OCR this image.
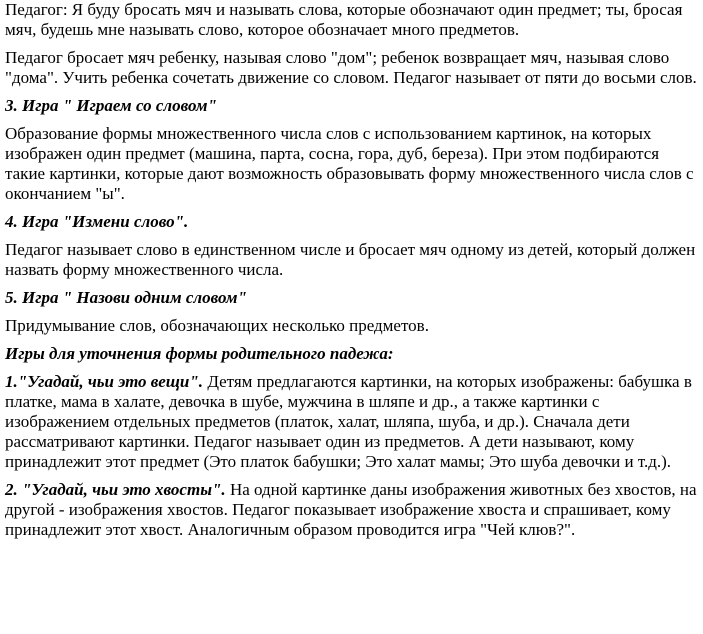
Педагог: Я буду бросать мяч и называть слова, которые обозначают один предмет; ты, бросая мяч, будешь мне называть слово, которое обозначает много предметов.

Педагог бросает мяч ребенку, называя слово "дом"; ребенок возвращает мяч, называя слово "дома". Учить ребенка сочетать движение со словом. Педагог называет от пяти до восьми слов.

3. Игра " Играем со словом"

Образование формы множественного числа слов с использованием картинок, на которых изображен один предмет (машина, парта, сосна, гора, дуб, береза). При этом подбираются такие картинки, которые дают возможность образовывать форму множественного числа слов с окончанием "ы".

4. Игра "Измени слово".

Педагог называет слово в единственном числе и бросает мяч одному из детей, который должен назвать форму множественного числа.

5. Игра " Назови одним словом"

Придумывание слов, обозначающих несколько предметов.

Игры для уточнения формы родительного падежа:

1."Угадай, чьи это вещи". Детям предлагаются картинки, на которых изображены: бабушка в платке, мама в халате, девочка в шубе, мужчина в шляпе и др., а также картинки с изображением отдельных предметов (платок, халат, шляпа, шуба, и др.). Сначала дети рассматривают картинки. Педагог называет один из предметов. А дети называют, кому принадлежит этот предмет (Это платок бабушки; Это халат мамы; Это шуба девочки и т.д.).

2. "Угадай, чьи это хвосты". На одной картинке даны изображения животных без хвостов, на другой - изображения хвостов. Педагог показывает изображение хвоста и спрашивает, кому принадлежит этот хвост. Аналогичным образом проводится игра "Чей клюв?".
